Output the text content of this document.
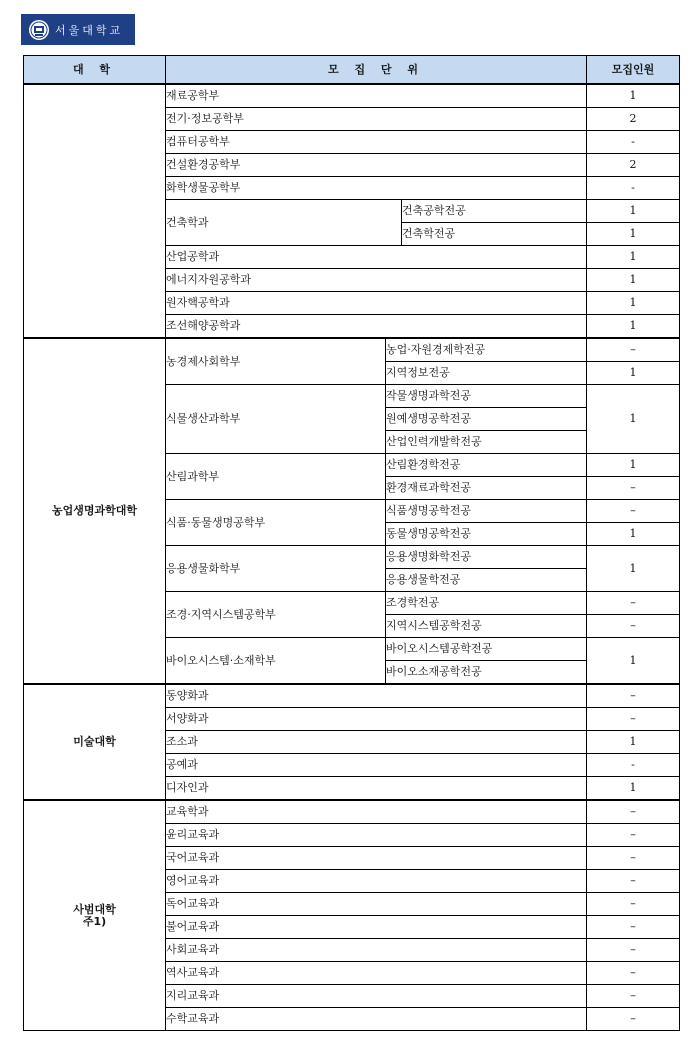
서울대학교
대 학	모 집 단 위			모집인원

	재료공학부			1
	전기·정보공학부			2
	컴퓨터공학부			-
	건설환경공학부			2
	화학생물공학부			-
	건축학과		건축공학전공	1
			건축학전공	1
	산업공학과			1
	에너지자원공학과			1
	원자핵공학과			1
	조선해양공학과			1

농업생명과학대학	농경제사회학부	농업·자원경제학전공		–
		지역정보전공		1
	식물생산과학부	작물생명과학전공		1
		원예생명공학전공		
		산업인력개발학전공		
	산림과학부	산림환경학전공		1
		환경재료과학전공		–
	식품·동물생명공학부	식품생명공학전공		–
		동물생명공학전공		1
	응용생물화학부	응용생명화학전공		1
		응용생물학전공		
	조경·지역시스템공학부	조경학전공		–
		지역시스템공학전공		–
	바이오시스템·소재학부	바이오시스템공학전공		1
		바이오소재공학전공		

미술대학	동양화과			–
	서양화과			–
	조소과			1
	공예과			-
	디자인과			1

사범대학
주1)	교육학과			–
	윤리교육과			–
	국어교육과			–
	영어교육과			–
	독어교육과			–
	불어교육과			–
	사회교육과			–
	역사교육과			–
	지리교육과			–
	수학교육과			–
